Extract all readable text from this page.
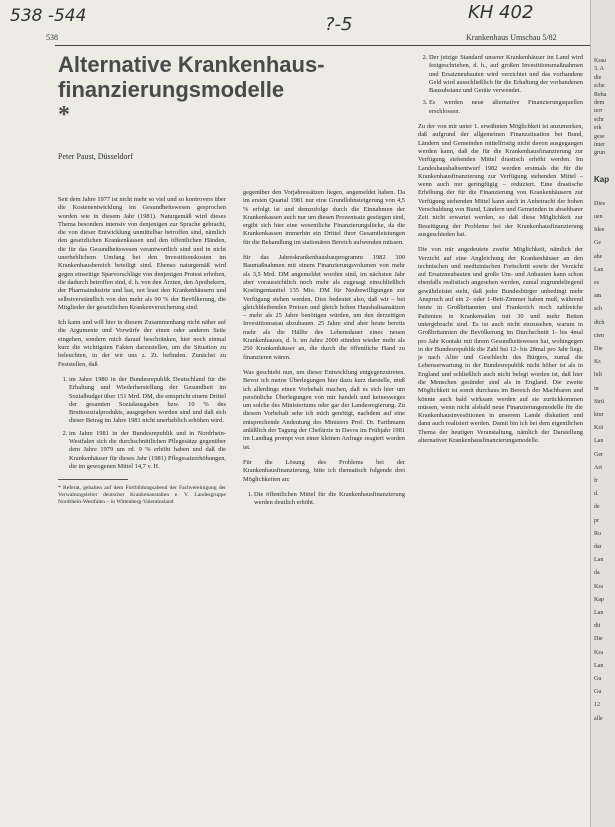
538 -544	?-5
KH 402
538	Krankenhaus Umschau 5/82
Alternative Krankenhaus-finanzierungsmodelle
*
Peter Paust, Düsseldorf

Seit dem Jahre 1977 ist nicht mehr so viel und so kontrovers über die Kostenentwicklung im Gesundheitswesen gesprochen worden wie in diesem Jahr (1981). Naturgemäß wird dieses Thema besonders intensiv von denjenigen zur Sprache gebracht, die von dieser Entwicklung unmittelbar betroffen sind, nämlich den gesetzlichen Krankenkassen und den öffentlichen Händen, die für das Gesundheitswesen verantwortlich sind und in nicht unerheblichem Umfang bei den Investitionskosten im Krankenhausbereich beteiligt sind. Ebenso naturgemäß wird gegen einseitige Sparvorschläge von denjenigen Protest erhoben, die dadurch betroffen sind, d. h. von den Ärzten, den Apothekern, der Pharmaindustrie und last, not least den Krankenhäusern und selbstverständlich von den mehr als 90 % der Bevölkerung, die Mitglieder der gesetzlichen Krankenversicherung sind.

Ich kann und will hier in diesem Zusammenhang nicht näher auf die Argumente und Vorwürfe der einen oder anderen Seite eingehen, sondern mich darauf beschränken, hier noch einmal kurz die wichtigsten Fakten darzustellen, um die Situation zu beleuchten, in der wir uns z. Zt. befinden. Zunächst zu Feststellen, daß

1. im Jahre 1980 in der Bundesrepublik Deutschland für die Erhaltung und Wiederherstellung der Gesundheit im Sozialbudget über 151 Mrd. DM, die entspricht einem Drittel der gesamten Sozialausgaben bzw. 10 % des Bruttosozialprodukts, ausgegeben worden sind und daß sich dieser Betrag im Jahre 1981 nicht unerheblich erhöhen wird.
2. im Jahre 1981 in der Bundesrepublik und in Nordrhein-Westfalen sich die durchschnittlichen Pflegesätze gegenüber dem Jahre 1979 um rd. 9 % erhöht haben und daß die Krankenhäuser für dieses Jahr (1981) Pflegesatzerhöhungen, die im gewogenen Mittel 14,7 v. H.
* Referat, gehalten auf dem Fortbildungsabend der Fachvereinigung der Verwaltungsleiter deutscher Krankenanstalten e. V. Landesgruppe Nordrhein-Westfalen – in Wittenberg-Valentinsland

gegenüber den Vorjahressätzen liegen, angemeldet haben. Da im ersten Quartal 1981 nur eine Grundlohnsteigerung von 4,5 % erfolgt ist und demzufolge durch die Einnahmen der Krankenkassen auch nur um diesen Prozentsatz gestiegen sind, ergibt sich hier eine wesentliche Finanzierungslücke, da die Krankenkassen immerhin ein Drittel ihrer Gesamtleistungen für die Behandlung im stationären Bereich aufwenden müssen.

für das Jahreskrankenhausbauprogramm 1982 300 Baumaßnahmen mit einem Finanzierungsvolumen von mehr als 3,5 Mrd. DM angemeldet worden sind, im nächsten Jahr aber voraussichtlich noch mehr als zugesagt einschließlich Kostingentantiel 135 Mio. DM für Neubewilligungen zur Verfügung stehen werden. Dies bedeutet also, daß wir – bei gleichbleibenden Preisen und gleich hohen Haushaltsansätzen – mehr als 25 Jahre benötigen würden, um den derzeitigen Investitionsstau abzubauen. 25 Jahre sind aber heute bereits mehr als die Hälfte des Lebensdauer eines neuen Krankenhauses, d. h. im Jahre 2000 stünden wieder mehr als 250 Krankenhäuser an, die durch die öffentliche Hand zu finanzieren wären.

Was geschieht nun, um dieser Entwicklung entgegenzutreten. Bevor ich meine Überlegungen hier dazu kurz darstelle, muß ich allerdings einen Vorbehalt machen, daß es sich hier um persönliche Überlegungen von mir handelt und keinesweges um solche des Ministeriums oder gar der Landesregierung. Zu diesem Vorbehalt sehe ich mich genötigt, nachdem auf eine entsprechende Andeutung des Ministers Prof. Dr. Farthmann anläßlich der Tagung der Chefärzte in Davos im Frühjahr 1981 im Landtag prompt von einer kleinen Anfrage reagiert worden ist.

Für die Lösung des Problems bei der Krankenhausfinanzierung, bitte ich thematisch folgende drei Möglichkeiten an:

1. Die öffentlichen Mittel für die Krankenhausfinanzierung werden deutlich erhöht.
2. Der jetzige Standard unserer Krankenhäuser im Land wird festgeschrieben, d. h., auf großen Investitionsmaßnahmen und Ersatzneubauten wird verzichtet und das vorhandene Geld wird ausschließlich für die Erhaltung der vorhandenen Bausubstanz und Geräte verwendet.
3. Es werden neue alternative Finanzierungsquellen erschlossen.

Zu der von mir unter 1. erwähnten Möglichkeit ist anzumerken, daß aufgrund der allgemeinen Finanzsituation bei Bund, Ländern und Gemeinden mittelfristig nicht davon ausgegangen werden kann, daß die für die Krankenhausfinanzierung zur Verfügung stehenden Mittel drastisch erhöht werden. Im Landeshaushaltsentwurf 1982 werden erstmals die für die Krankenhausfinanzierung zur Verfügung stehenden Mittel – wenn auch nur geringfügig – reduziert. Eine drastische Erhöhung der für die Finanzierung von Krankenhäusern zur Verfügung stehenden Mittel kann auch in Anbetracht der hohen Verschuldung von Bund, Ländern und Gemeinden in absehbarer Zeit nicht erwartet werden, so daß diese Möglichkeit zur Beseitigung der Probleme bei der Krankenhausfinanzierung ausgeschieden hat.

Die von mir angedeutete zweite Möglichkeit, nämlich der Verzicht auf eine Angleichung der Krankenhäuser an den technischen und medizinischen Fortschritt sowie der Verzicht auf Ersatzneubauten und große Um- und Anbauten kann schon ebenfalls realistisch angesehen werden, zumal zugrundeliegend gewährleistet steht, daß jeder Bundesbürger unbedingt mehr Anspruch auf ein 2- oder 1-Bett-Zimmer haben muß, während heute in Großbritannien und Frankreich noch zahlreiche Patienten in Krankensälen mit 30 und mehr Betten untergebracht sind. Es ist auch nicht einzusehen, warum in Großbritannien die Bevölkerung im Durchschnitt 1- bis 4mal pro Jahr Kontakt mit ihrem Gesundheitswesen hat, wohingegen in der Bundesrepublik die Zahl bei 12- bis 28mal pro Jahr liegt, je nach Alter und Geschlecht des Bürgers, zumal die Lebenserwartung in der Bundesrepublik nicht höher ist als in England und schließlich auch nicht belegt worden ist, daß hier die Menschen gesünder sind als in England. Die zweite Möglichkeit ist somit durchaus im Bereich der Machbaren und könnte auch bald wirksam werden auf sie zurückkommen müssen, wenn nicht alsbald neue Finanzierungsmodelle für die Krankenhausinvestitionen in unserem Lande diskutiert und dann auch realisiert werden. Damit bin ich bei dem eigentlichen Thema der heutigen Veranstaltung, nämlich der Darstellung alternativer Krankenhausfinanzierungsmodelle.

Krau
3. A
die
sche
Reha
dem
terr
schr
erk
gese
inter
grun
Kap
Dies
uen
Idee
Ge
ahe
Lan
es
am
sch
dich
cten
Die
Kr.
hilt
in
Strü
ktur
Krä
Lan
Ger
Art
fr
d.
de
pr
Ru
dar
Lan
da
Kra
Kap
Lan
dit
Die
Kra
Lan
Gu
Gu
12
alle
